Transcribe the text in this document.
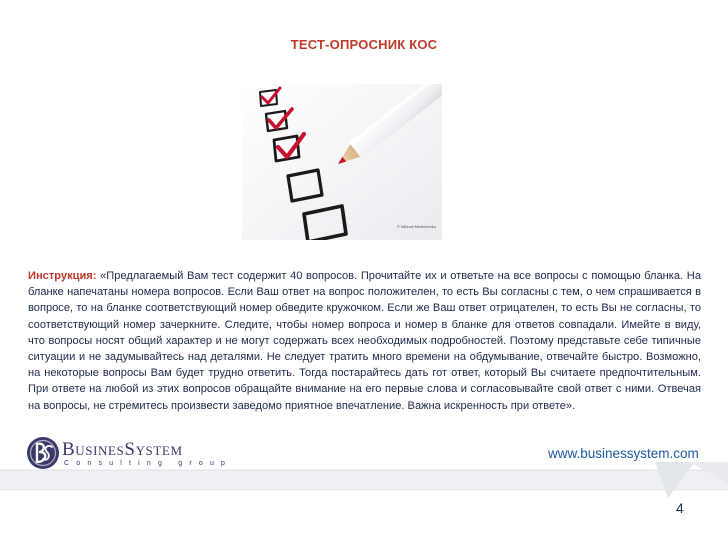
ТЕСТ-ОПРОСНИК КОС
© Mikhail Mishchenko
Инструкция: «Предлагаемый Вам тест содержит 40 вопросов. Прочитайте их и ответьте на все вопросы с помощью бланка. На бланке напечатаны номера вопросов. Если Ваш ответ на вопрос положителен, то есть Вы согласны с тем, о чем спрашивается в вопросе, то на бланке соответствующий номер обведите кружочком. Если же Ваш ответ отрицателен, то есть Вы не согласны, то соответствующий номер зачеркните. Следите, чтобы номер вопроса и номер в бланке для ответов совпадали. Имейте в виду, что вопросы носят общий характер и не могут содержать всех необходимых подробностей. Поэтому представьте себе типичные ситуации и не задумывайтесь над деталями. Не следует тратить много времени на обдумывание, отвечайте быстро. Возможно, на некоторые вопросы Вам будет трудно ответить. Тогда постарайтесь дать гот ответ, который Вы считаете предпочтительным. При ответе на любой из этих вопросов обращайте внимание на его первые слова и согласовывайте свой ответ с ними. Отвечая на вопросы, не стремитесь произвести заведомо приятное впечатление. Важна искренность при ответе».
BUSINESSYSTEM
Consulting group
www.businessystem.com
4
